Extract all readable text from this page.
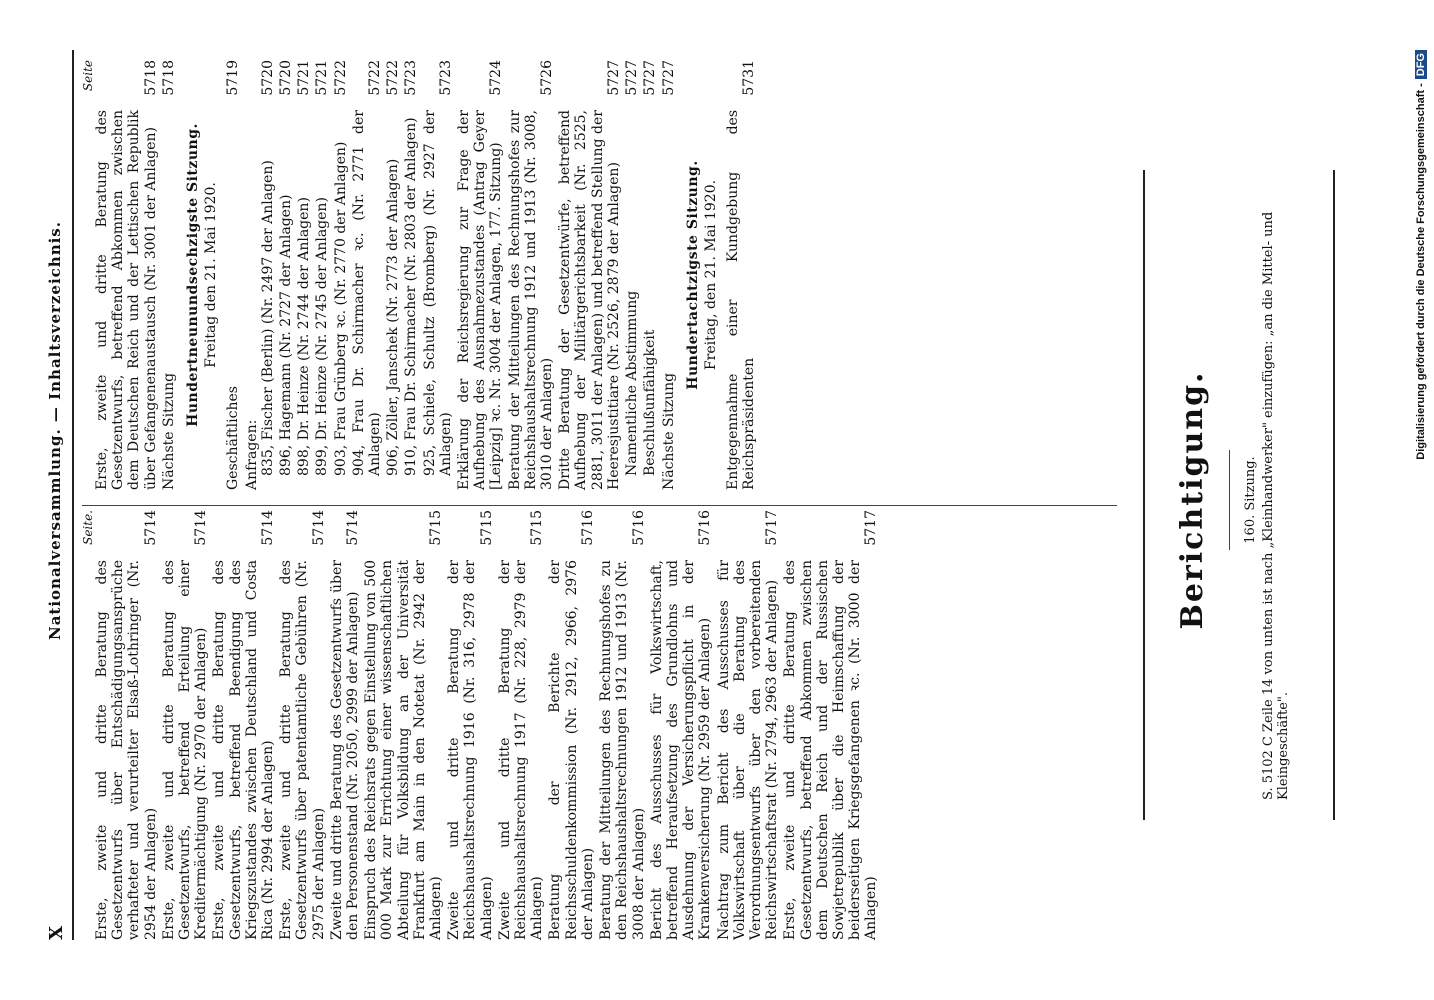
X
Nationalversammlung. — Inhaltsverzeichnis. Seite.
Erste, zweite und dritte Beratung des Gesetzentwurfs über Entschädigungsansprüche verhafteter und verurteilter Elsaß-Lothringer (Nr. 2954 der Anlagen)
5714
Erste, zweite und dritte Beratung des Gesetzentwurfs, betreffend Erteilung einer Kreditermächtigung (Nr. 2970 der Anlagen)
5714
Erste, zweite und dritte Beratung des Gesetzentwurfs, betreffend Beendigung des Kriegszustandes zwischen Deutschland und Costa Rica (Nr. 2994 der Anlagen)
5714
Erste, zweite und dritte Beratung des Gesetzentwurfs über patentamtliche Gebühren (Nr. 2975 der Anlagen)
5714
Zweite und dritte Beratung des Gesetzentwurfs über den Personenstand (Nr. 2050, 2999 der Anlagen)
5714
Einspruch des Reichsrats gegen Einstellung von 500 000 Mark zur Errichtung einer wissenschaftlichen Abteilung für Volksbildung an der Universität Frankfurt am Main in den Notetat (Nr. 2942 der Anlagen)
5715
Zweite und dritte Beratung der Reichshaushaltsrechnung 1916 (Nr. 316, 2978 der Anlagen)
5715
Zweite und dritte Beratung der Reichshaushaltsrechnung 1917 (Nr. 228, 2979 der Anlagen)
5715
Beratung der Berichte der Reichsschuldenkommission (Nr. 2912, 2966, 2976 der Anlagen)
5716
Beratung der Mitteilungen des Rechnungshofes zu den Reichshaushaltsrechnungen 1912 und 1913 (Nr. 3008 der Anlagen)
5716
Bericht des Ausschusses für Volkswirtschaft, betreffend Heraufsetzung des Grundlohns und Ausdehnung der Versicherungspflicht in der Krankenversicherung (Nr. 2959 der Anlagen)
5716
Nachtrag zum Bericht des Ausschusses für Volkswirtschaft über die Beratung des Verordnungsentwurfs über den vorbereitenden Reichswirtschaftsrat (Nr. 2794, 2963 der Anlagen)
5717
Erste, zweite und dritte Beratung des Gesetzentwurfs, betreffend Abkommen zwischen dem Deutschen Reich und der Russischen Sowjetrepublik über die Heimschaffung der beiderseitigen Kriegsgefangenen ꝛc. (Nr. 3000 der Anlagen)
5717
Seite
Erste, zweite und dritte Beratung des Gesetzentwurfs, betreffend Abkommen zwischen dem Deutschen Reich und der Lettischen Republik über Gefangenenaustausch (Nr. 3001 der Anlagen)
5718
Nächste Sitzung
5718
Hundertneunundsechzigste Sitzung. Freitag den 21. Mai 1920.
Geschäftliches
5719
Anfragen: 835, Fischer (Berlin) (Nr. 2497 der Anlagen)
5720
896, Hagemann (Nr. 2727 der Anlagen)
5720
898, Dr. Heinze (Nr. 2744 der Anlagen)
5721
899, Dr. Heinze (Nr. 2745 der Anlagen)
5721
903, Frau Grünberg ꝛc. (Nr. 2770 der Anlagen)
5722
904, Frau Dr. Schirmacher ꝛc. (Nr. 2771 der Anlagen)
5722
906, Zöller, Janschek (Nr. 2773 der Anlagen)
5722
910, Frau Dr. Schirmacher (Nr. 2803 der Anlagen)
5723
925, Schiele, Schultz (Bromberg) (Nr. 2927 der Anlagen)
5723
Erklärung der Reichsregierung zur Frage der Aufhebung des Ausnahmezustandes (Antrag Geyer [Leipzig] ꝛc. Nr. 3004 der Anlagen, 177. Sitzung)
5724
Beratung der Mitteilungen des Rechnungshofes zur Reichshaushaltsrechnung 1912 und 1913 (Nr. 3008, 3010 der Anlagen)
5726
Dritte Beratung der Gesetzentwürfe, betreffend Aufhebung der Militärgerichtsbarkeit (Nr. 2525, 2881, 3011 der Anlagen) und betreffend Stellung der Heeresjustitiare (Nr. 2526, 2879 der Anlagen)
5727
Namentliche Abstimmung
5727
Beschlußunfähigkeit
5727
Nächste Sitzung
5727
Hundertachtzigste Sitzung. Freitag, den 21. Mai 1920. Entgegennahme einer Kundgebung des Reichspräsidenten
5731
Berichtigung.	160. Sitzung. S. 5102 C Zeile 14 von unten ist nach „Kleinhandwerker" einzufügen: „an die Mittel- und Kleingeschäfte".
Digitalisierung gefördert durch die Deutsche Forschungsgemeinschaft -DFG
